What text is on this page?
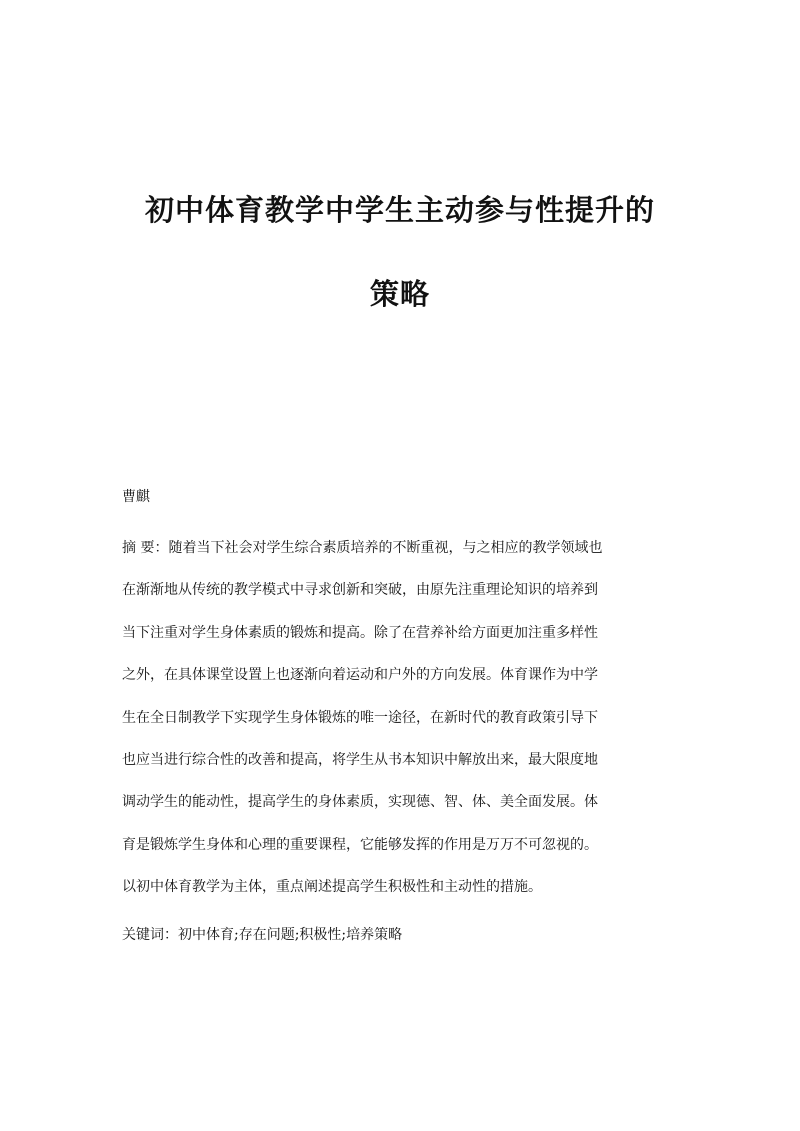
初中体育教学中学生主动参与性提升的
策略
曹麒
摘 要：随着当下社会对学生综合素质培养的不断重视，与之相应的教学领域也
在渐渐地从传统的教学模式中寻求创新和突破，由原先注重理论知识的培养到
当下注重对学生身体素质的锻炼和提高。除了在营养补给方面更加注重多样性
之外，在具体课堂设置上也逐渐向着运动和户外的方向发展。体育课作为中学
生在全日制教学下实现学生身体锻炼的唯一途径，在新时代的教育政策引导下
也应当进行综合性的改善和提高，将学生从书本知识中解放出来，最大限度地
调动学生的能动性，提高学生的身体素质，实现德、智、体、美全面发展。体
育是锻炼学生身体和心理的重要课程，它能够发挥的作用是万万不可忽视的。
以初中体育教学为主体，重点阐述提高学生积极性和主动性的措施。
关键词：初中体育;存在问题;积极性;培养策略
